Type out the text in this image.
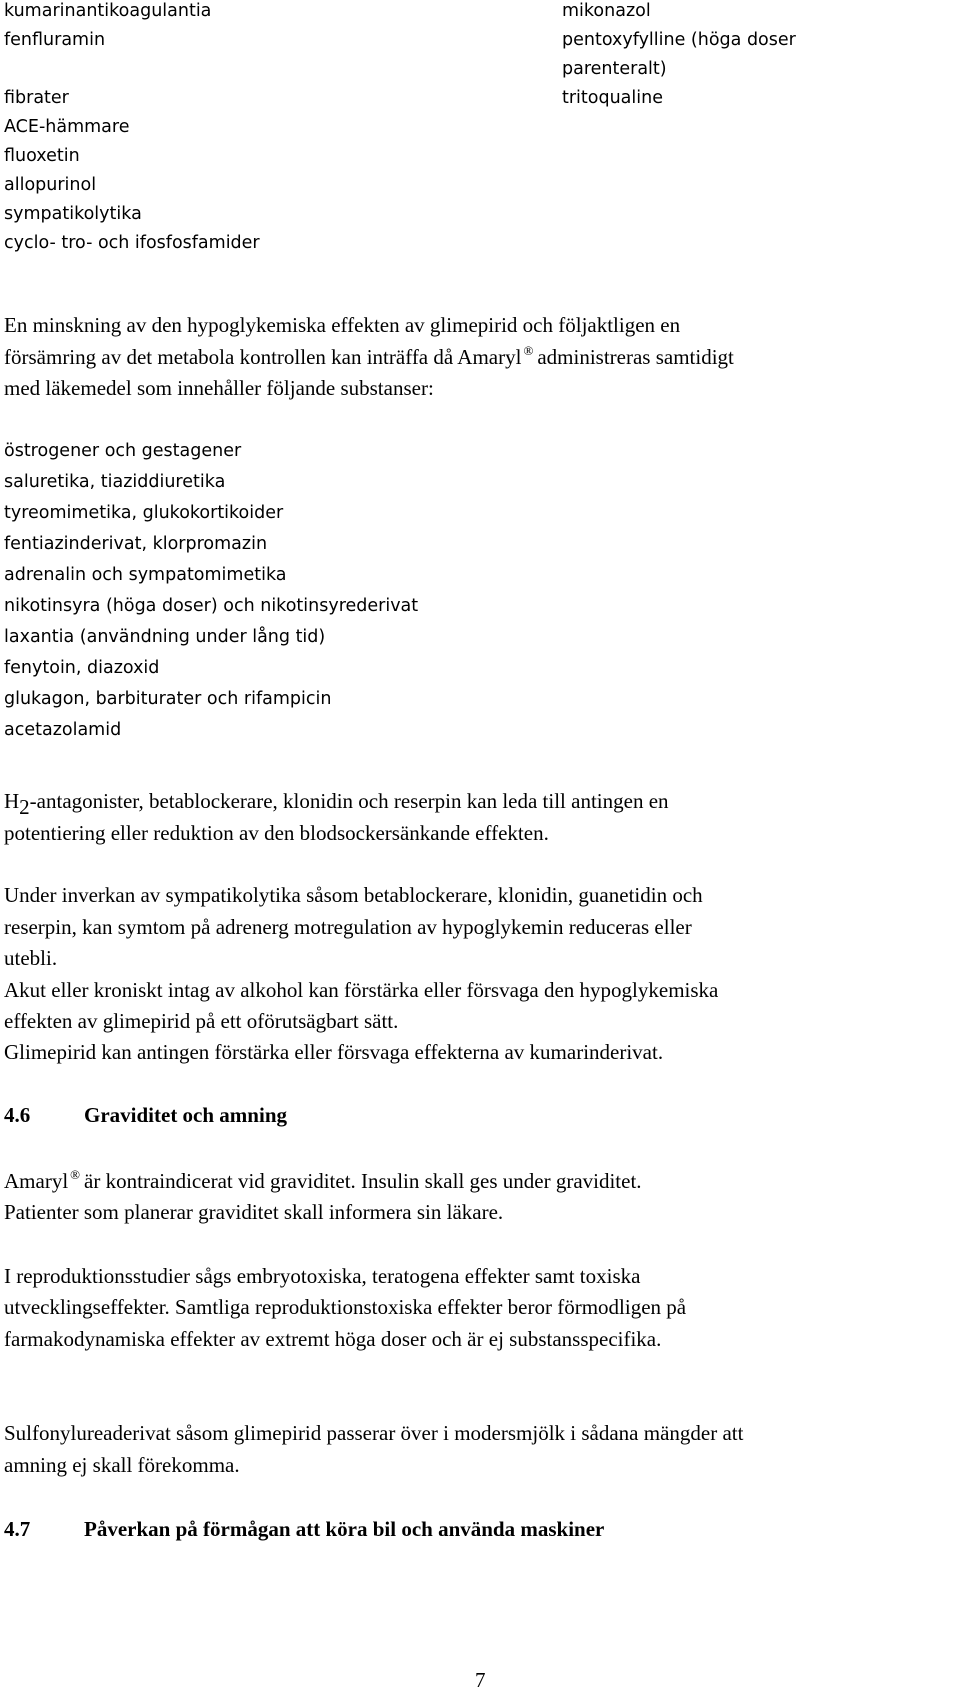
kumarinantikoagulantia
fenfluramin
fibrater
ACE-hämmare
fluoxetin
allopurinol
sympatikolytika
cyclo- tro- och ifosfosfamider
mikonazol
pentoxyfylline (höga doser
parenteralt)
tritoqualine
En minskning av den hypoglykemiska effekten av glimepirid och följaktligen en
försämring av det metabola kontrollen kan inträffa då Amaryl ® administreras samtidigt
med läkemedel som innehåller följande substanser:
östrogener och gestagener
saluretika, tiaziddiuretika
tyreomimetika, glukokortikoider
fentiazinderivat, klorpromazin
adrenalin och sympatomimetika
nikotinsyra (höga doser) och nikotinsyrederivat
laxantia (användning under lång tid)
fenytoin, diazoxid
glukagon, barbiturater och rifampicin
acetazolamid
$H_2$-antagonister, betablockerare, klonidin och reserpin kan leda till antingen en
potentiering eller reduktion av den blodsockersänkande effekten.
Under inverkan av sympatikolytika såsom betablockerare, klonidin, guanetidin och
reserpin, kan symtom på adrenerg motregulation av hypoglykemin reduceras eller
utebli.
Akut eller kroniskt intag av alkohol kan förstärka eller försvaga den hypoglykemiska
effekten av glimepirid på ett oförutsägbart sätt.
Glimepirid kan antingen förstärka eller försvaga effekterna av kumarinderivat.
4.6	Graviditet och amning
Amaryl ® är kontraindicerat vid graviditet. Insulin skall ges under graviditet.
Patienter som planerar graviditet skall informera sin läkare.
I reproduktionsstudier sågs embryotoxiska, teratogena effekter samt toxiska
utvecklingseffekter. Samtliga reproduktionstoxiska effekter beror förmodligen på
farmakodynamiska effekter av extremt höga doser och är ej substansspecifika.
Sulfonylureaderivat såsom glimepirid passerar över i modersmjölk i sådana mängder att
amning ej skall förekomma.
4.7	Påverkan på förmågan att köra bil och använda maskiner
7
